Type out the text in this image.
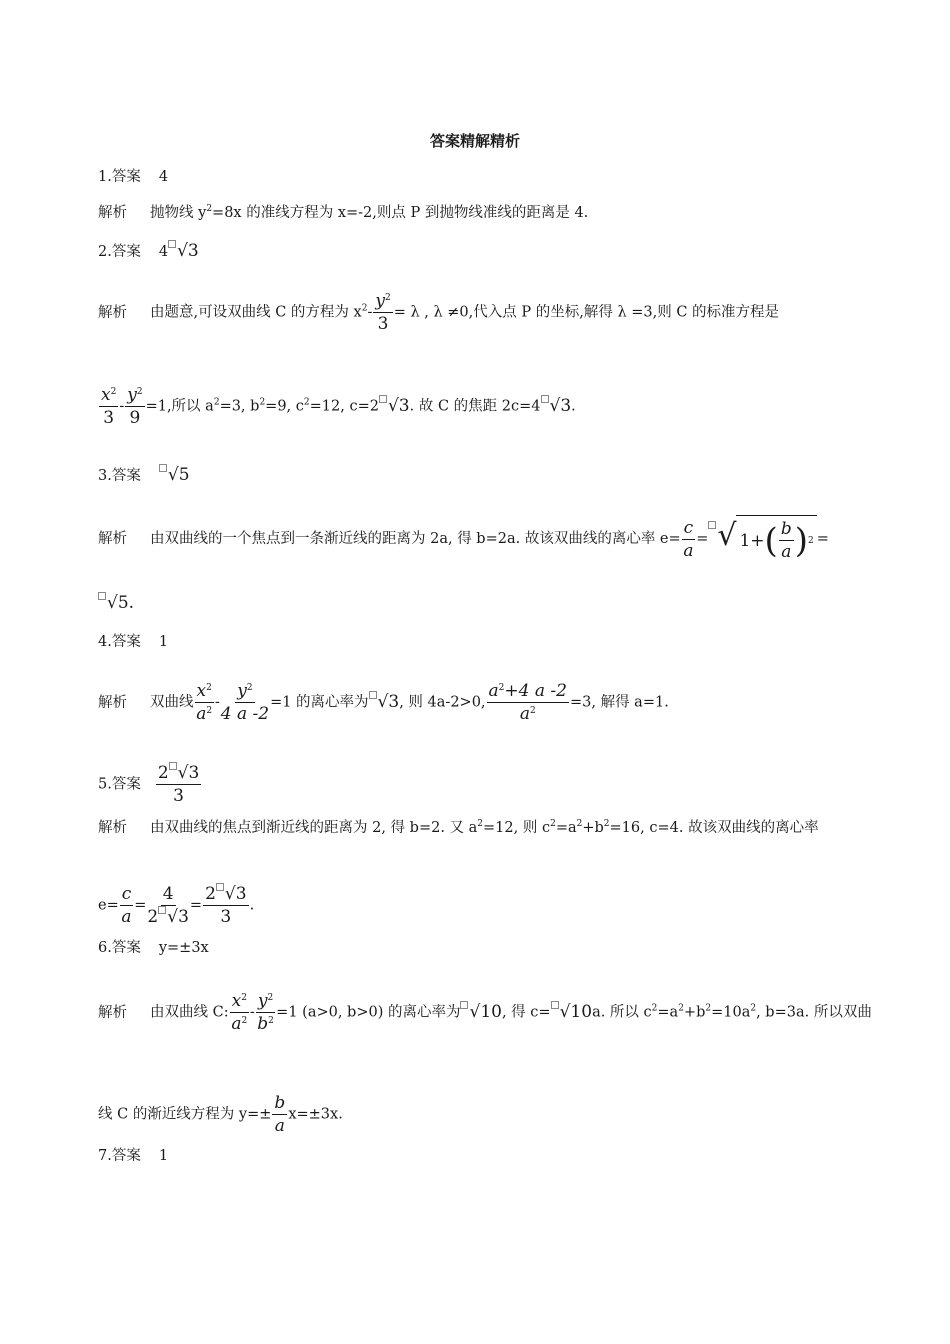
答案精解精析
1.答案 4
解析 抛物线 $y^2=8x$ 的准线方程为 x=-2,则点 P 到抛物线准线的距离是 4.
2.答案 4 √3
解析 由题意,可设双曲线 C 的方程为 $x^2- \frac{y^2}{3} = \lambda$ , λ ≠0,代入点 P 的坐标,解得 λ =3,则 C 的标准方程是
$\frac{x^2}{3} - \frac{y^2}{9} =1$,所以 $a^2=3$, $b^2=9$, $c^2=12$, c=2 √3. 故 C 的焦距 2c=4 √3.
3.答案 √5
解析 由双曲线的一个焦点到一条渐近线的距离为 2a, 得 b=2a. 故该双曲线的离心率 $e= \frac{c}{a}$ = √ 1+ ( $\frac{b}{a}$ ) 2 =
√5.
4.答案 1
解析 双曲线 $\frac{x^2}{a^2} - \frac{y^2}{4 a -2} =1$ 的离心率为 √3, 则 4a-2>0, $\frac{a^2+4 a -2}{a^2} =3$, 解得 a=1.
5.答案 $\frac{2 √3}{3}$
解析 由双曲线的焦点到渐近线的距离为 2, 得 b=2. 又 $a^2=12$, 则 $c^2=a^2+b^2=16$, c=4. 故该双曲线的离心率
$e= \frac{c}{a} = \frac{4}{2 √3} = \frac{2 √3}{3}$ .
6.答案 y=±3x
解析 由双曲线 C: $\frac{x^2}{a^2} - \frac{y^2}{b^2} =1$ (a>0, b>0) 的离心率为 √10, 得 c= √10a. 所以 $c^2=a^2+b^2=10a^2$, b=3a. 所以双曲
线 C 的渐近线方程为 $y=\pm \frac{b}{a} x=\pm 3x$.
7.答案 1
